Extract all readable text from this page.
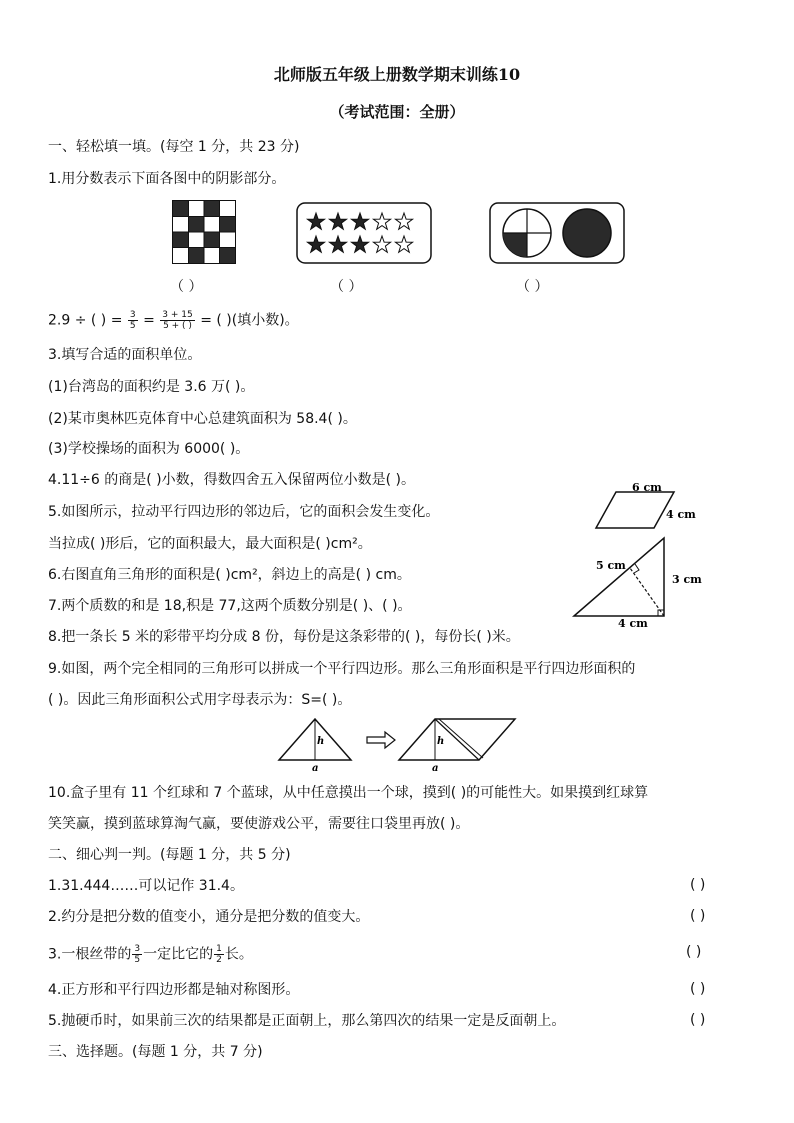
北师版五年级上册数学期末训练10
（考试范围：全册）
一、轻松填一填。(每空 1 分，共 23 分)
1.用分数表示下面各图中的阴影部分。
（ ）	（ ）	（ ）
2.9 ÷ ( ) = $\frac{3}{5} = \frac{3 + 15}{5 + ( )}$ = ( )(填小数)。
3.填写合适的面积单位。
(1)台湾岛的面积约是 3.6 万( )。
(2)某市奥林匹克体育中心总建筑面积为 58.4( )。
(3)学校操场的面积为 6000( )。
4.11÷6 的商是( )小数，得数四舍五入保留两位小数是( )。
5.如图所示，拉动平行四边形的邻边后，它的面积会发生变化。
当拉成( )形后，它的面积最大，最大面积是( )cm²。
6.右图直角三角形的面积是( )cm²，斜边上的高是( ) cm。
7.两个质数的和是 18,积是 77,这两个质数分别是( )、( )。
8.把一条长 5 米的彩带平均分成 8 份，每份是这条彩带的( )，每份长( )米。
9.如图，两个完全相同的三角形可以拼成一个平行四边形。那么三角形面积是平行四边形面积的
( )。因此三角形面积公式用字母表示为：S=( )。
6 cm
4 cm
5 cm
3 cm
4 cm
h
a
h
a
10.盒子里有 11 个红球和 7 个蓝球，从中任意摸出一个球，摸到( )的可能性大。如果摸到红球算
笑笑赢，摸到蓝球算淘气赢，要使游戏公平，需要往口袋里再放( )。
二、细心判一判。(每题 1 分，共 5 分)
1.31.444……可以记作 31.4。	( )
2.约分是把分数的值变小，通分是把分数的值变大。	( )
3.一根丝带的 $\frac{3}{5}$ 一定比它的 $\frac{1}{2}$ 长。	( )
4.正方形和平行四边形都是轴对称图形。	( )
5.抛硬币时，如果前三次的结果都是正面朝上，那么第四次的结果一定是反面朝上。	( )
三、选择题。(每题 1 分，共 7 分)
